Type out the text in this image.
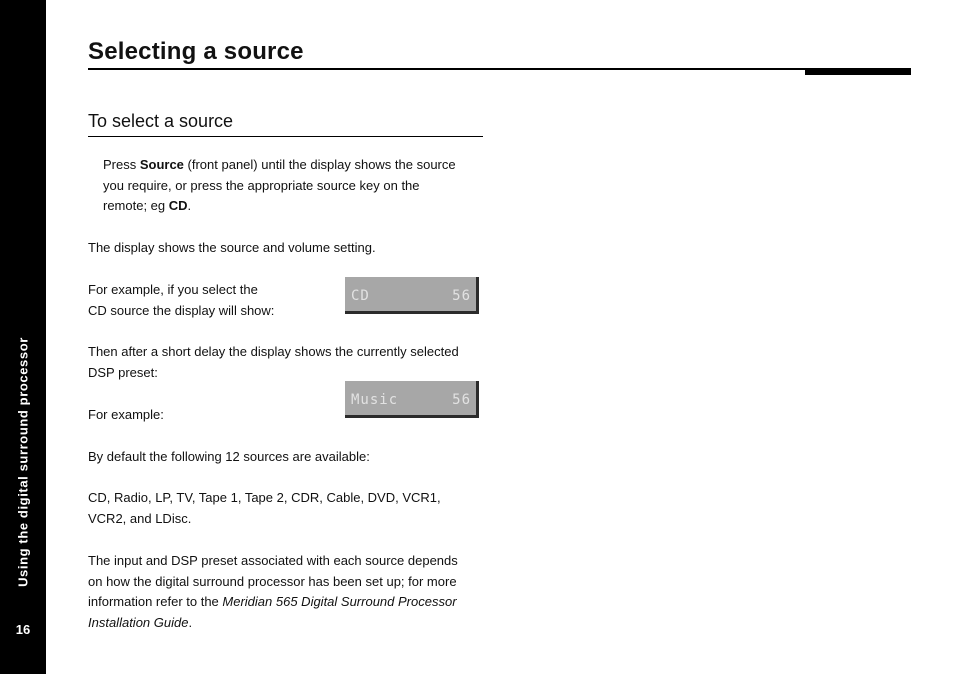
Using the digital surround processor
16
Selecting a source
To select a source

Press Source (front panel) until the display shows the source

you require, or press the appropriate source key on the

remote; eg CD.

The display shows the source and volume setting.

For example, if you select the

CD source the display will show:

CD	56

Then after a short delay the display shows the currently selected

DSP preset:

Music	56

For example:

By default the following 12 sources are available:

CD, Radio, LP, TV, Tape 1, Tape 2, CDR, Cable, DVD, VCR1,

VCR2, and LDisc.

The input and DSP preset associated with each source depends

on how the digital surround processor has been set up; for more

information refer to the Meridian 565 Digital Surround Processor

Installation Guide.
